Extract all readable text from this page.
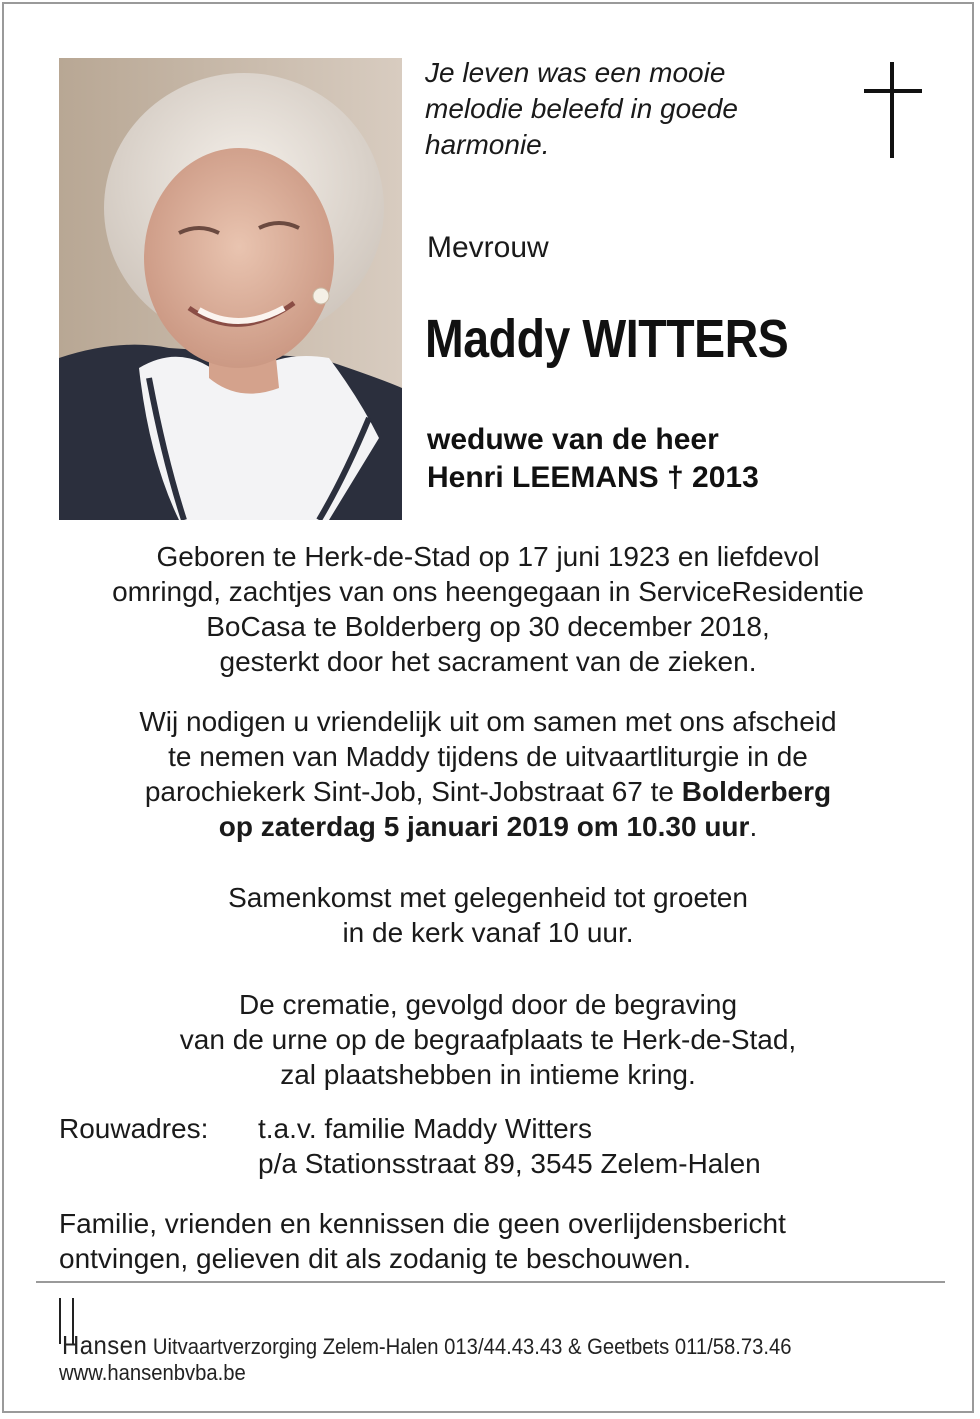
Je leven was een mooie
melodie beleefd in goede
harmonie.
Mevrouw
Maddy WITTERS
weduwe van de heer
Henri LEEMANS † 2013
Geboren te Herk-de-Stad op 17 juni 1923 en liefdevol
omringd, zachtjes van ons heengegaan in ServiceResidentie
BoCasa te Bolderberg op 30 december 2018,
gesterkt door het sacrament van de zieken.
Wij nodigen u vriendelijk uit om samen met ons afscheid
te nemen van Maddy tijdens de uitvaartliturgie in de
parochiekerk Sint-Job, Sint-Jobstraat 67 te Bolderberg
op zaterdag 5 januari 2019 om 10.30 uur.
Samenkomst met gelegenheid tot groeten
in de kerk vanaf 10 uur.
De crematie, gevolgd door de begraving
van de urne op de begraafplaats te Herk-de-Stad,
zal plaatshebben in intieme kring.
Rouwadres: t.a.v. familie Maddy Witters
p/a Stationsstraat 89, 3545 Zelem-Halen
Familie, vrienden en kennissen die geen overlijdensbericht
ontvingen, gelieven dit als zodanig te beschouwen.
Hansen Uitvaartverzorging Zelem-Halen 013/44.43.43 & Geetbets 011/58.73.46
www.hansenbvba.be
